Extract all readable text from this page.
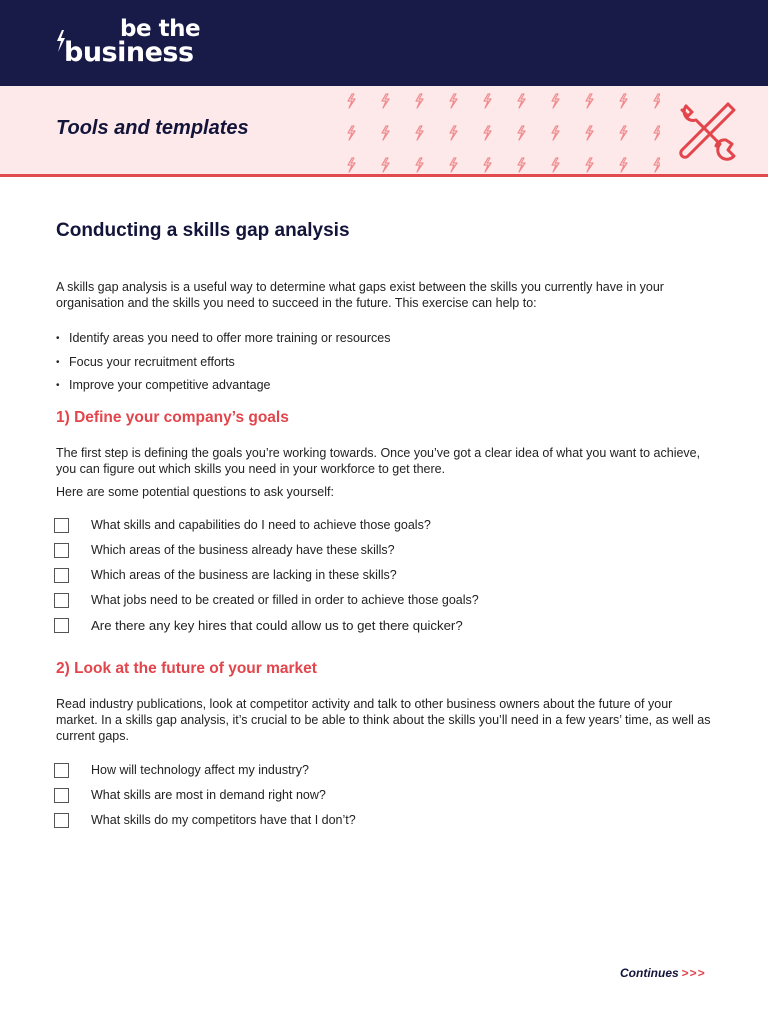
be the
business
Tools and templates
Conducting a skills gap analysis
A skills gap analysis is a useful way to determine what gaps exist between the skills you currently have in your organisation and the skills you need to succeed in the future. This exercise can help to:
• Identify areas you need to offer more training or resources
• Focus your recruitment efforts
• Improve your competitive advantage
1) Define your company’s goals
The first step is defining the goals you’re working towards. Once you’ve got a clear idea of what you want to achieve, you can figure out which skills you need in your workforce to get there.
Here are some potential questions to ask yourself:
What skills and capabilities do I need to achieve those goals?
Which areas of the business already have these skills?
Which areas of the business are lacking in these skills?
What jobs need to be created or filled in order to achieve those goals?
Are there any key hires that could allow us to get there quicker?
2) Look at the future of your market
Read industry publications, look at competitor activity and talk to other business owners about the future of your market. In a skills gap analysis, it’s crucial to be able to think about the skills you’ll need in a few years’ time, as well as current gaps.
How will technology affect my industry?
What skills are most in demand right now?
What skills do my competitors have that I don’t?
Continues >>>
